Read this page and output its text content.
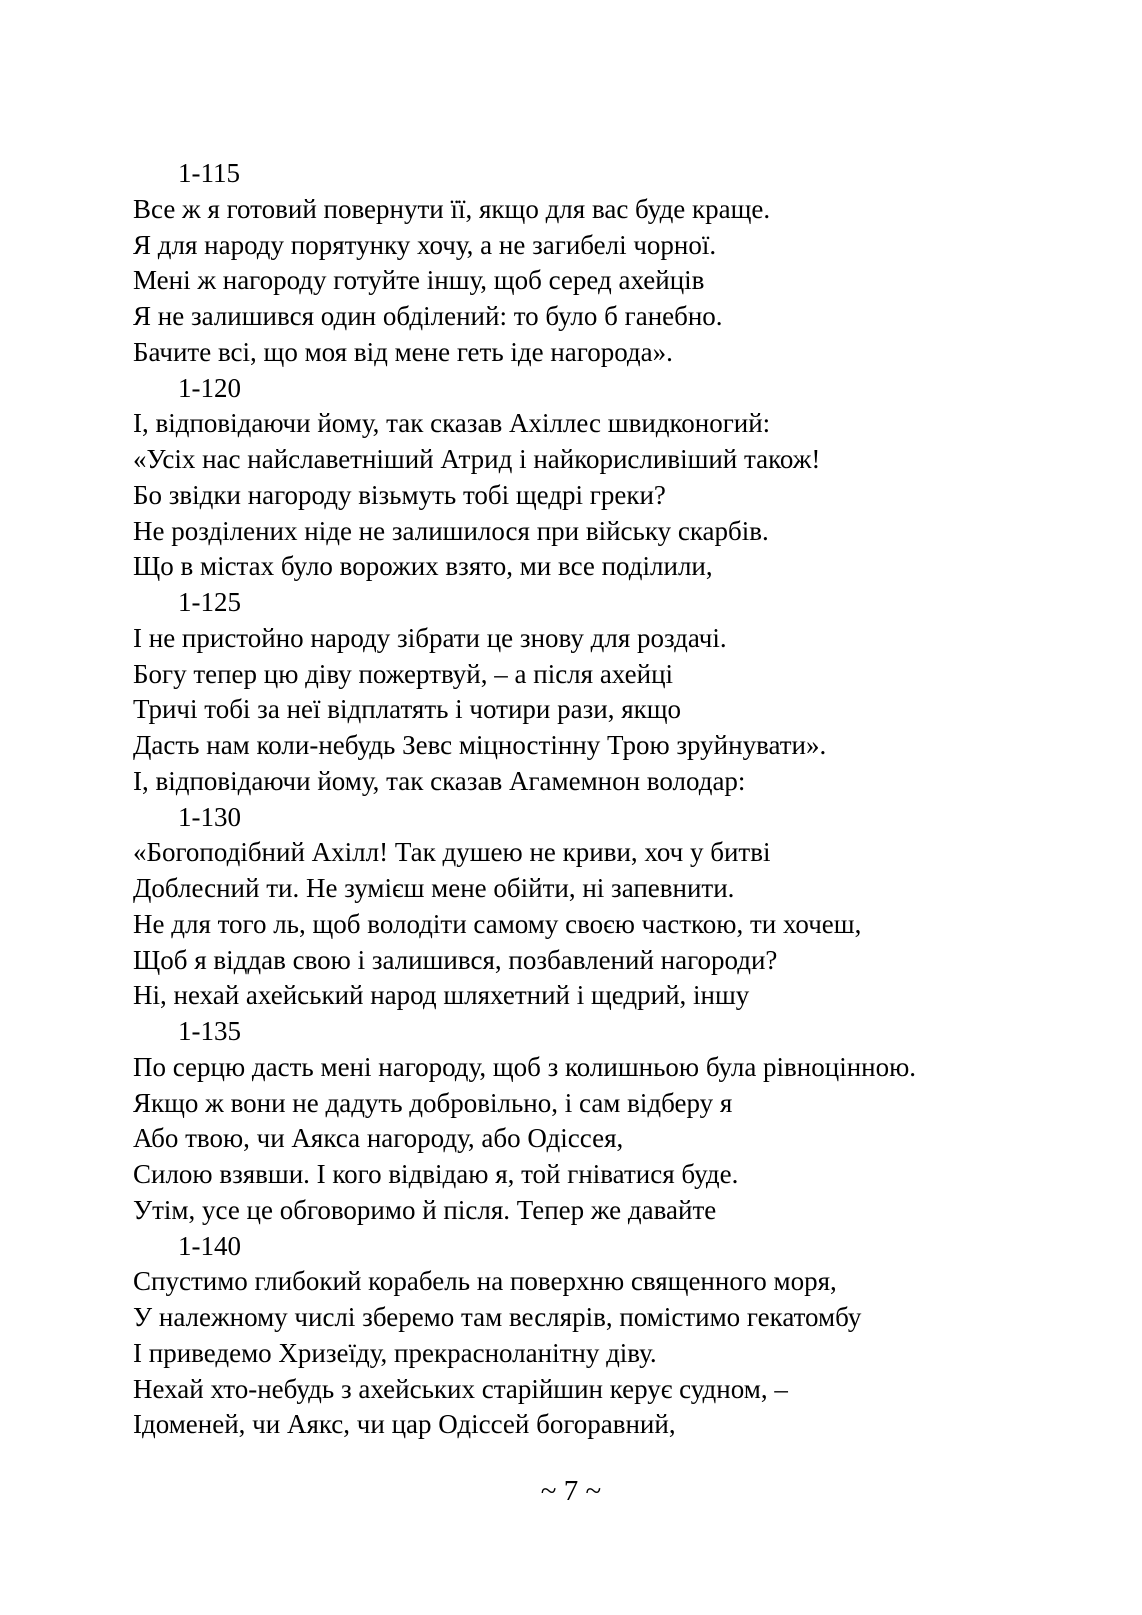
1-115
Все ж я готовий повернути її, якщо для вас буде краще.
Я для народу порятунку хочу, а не загибелі чорної.
Мені ж нагороду готуйте іншу, щоб серед ахейців
Я не залишився один обділений: то було б ганебно.
Бачите всі, що моя від мене геть іде нагорода».
1-120
І, відповідаючи йому, так сказав Ахіллес швидконогий:
«Усіх нас найславетніший Атрид і найкорисливіший також!
Бо звідки нагороду візьмуть тобі щедрі греки?
Не розділених ніде не залишилося при війську скарбів.
Що в містах було ворожих взято, ми все поділили,
1-125
І не пристойно народу зібрати це знову для роздачі.
Богу тепер цю діву пожертвуй, – а після ахейці
Тричі тобі за неї відплатять і чотири рази, якщо
Дасть нам коли-небудь Зевс міцностінну Трою зруйнувати».
І, відповідаючи йому, так сказав Агамемнон володар:
1-130
«Богоподібний Ахілл! Так душею не криви, хоч у битві
Доблесний ти. Не зумієш мене обійти, ні запевнити.
Не для того ль, щоб володіти самому своєю часткою, ти хочеш,
Щоб я віддав свою і залишився, позбавлений нагороди?
Ні, нехай ахейський народ шляхетний і щедрий, іншу
1-135
По серцю дасть мені нагороду, щоб з колишньою була рівноцінною.
Якщо ж вони не дадуть добровільно, і сам відберу я
Або твою, чи Аякса нагороду, або Одіссея,
Силою взявши. І кого відвідаю я, той гніватися буде.
Утім, усе це обговоримо й після. Тепер же давайте
1-140
Спустимо глибокий корабель на поверхню священного моря,
У належному числі зберемо там веслярів, помістимо гекатомбу
І приведемо Хризеїду, прекрасноланітну діву.
Нехай хто-небудь з ахейських старійшин керує судном, –
Ідоменей, чи Аякс, чи цар Одіссей богоравний,
~ 7 ~
